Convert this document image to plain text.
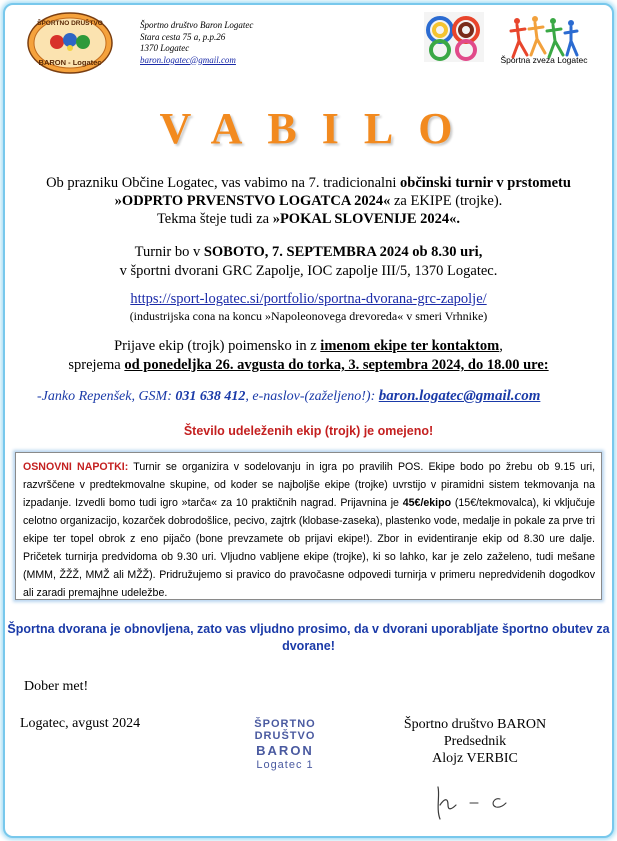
ŠPORTNO DRUŠTVO
BARON - Logatec
Športno društvo Baron Logatec
Stara cesta 75 a, p.p.26
1370 Logatec
baron.logatec@gmail.com	Športna zveza Logatec
VABILO
Ob prazniku Občine Logatec, vas vabimo na 7. tradicionalni občinski turnir v prstometu
»ODPRTO PRVENSTVO LOGATCA 2024« za EKIPE (trojke).
Tekma šteje tudi za »POKAL SLOVENIJE 2024«.
Turnir bo v SOBOTO, 7. SEPTEMBRA 2024 ob 8.30 uri,
v športni dvorani GRC Zapolje, IOC zapolje III/5, 1370 Logatec.
https://sport-logatec.si/portfolio/sportna-dvorana-grc-zapolje/
(industrijska cona na koncu »Napoleonovega drevoreda« v smeri Vrhnike)
Prijave ekip (trojk) poimensko in z imenom ekipe ter kontaktom,
sprejema od ponedeljka 26. avgusta do torka, 3. septembra 2024, do 18.00 ure:
-Janko Repenšek, GSM: 031 638 412, e-naslov-(zaželjeno!): baron.logatec@gmail.com
Število udeleženih ekip (trojk) je omejeno!
OSNOVNI NAPOTKI: Turnir se organizira v sodelovanju in igra po pravilih POS. Ekipe bodo po žrebu ob 9.15 uri, razvrščene v predtekmovalne skupine, od koder se najboljše ekipe (trojke) uvrstijo v piramidni sistem tekmovanja na izpadanje. Izvedli bomo tudi igro »tarča« za 10 praktičnih nagrad. Prijavnina je 45€/ekipo (15€/tekmovalca), ki vključuje celotno organizacijo, kozarček dobrodošlice, pecivo, zajtrk (klobase-zaseka), plastenko vode, medalje in pokale za prve tri ekipe ter topel obrok z eno pijačo (bone prevzamete ob prijavi ekipe!). Zbor in evidentiranje ekip od 8.30 ure dalje. Pričetek turnirja predvidoma ob 9.30 uri. Vljudno vabljene ekipe (trojke), ki so lahko, kar je zelo zaželeno, tudi mešane (MMM, ŽŽŽ, MMŽ ali MŽŽ). Pridružujemo si pravico do pravočasne odpovedi turnirja v primeru nepredvidenih dogodkov ali zaradi premajhne udeležbe.
Športna dvorana je obnovljena, zato vas vljudno prosimo, da v dvorani uporabljate športno obutev za dvorane!
Dober met!
Logatec, avgust 2024	ŠPORTNO DRUŠTVO
BARON
Logatec 1
Športno društvo BARON
Predsednik
Alojz VERBIC
